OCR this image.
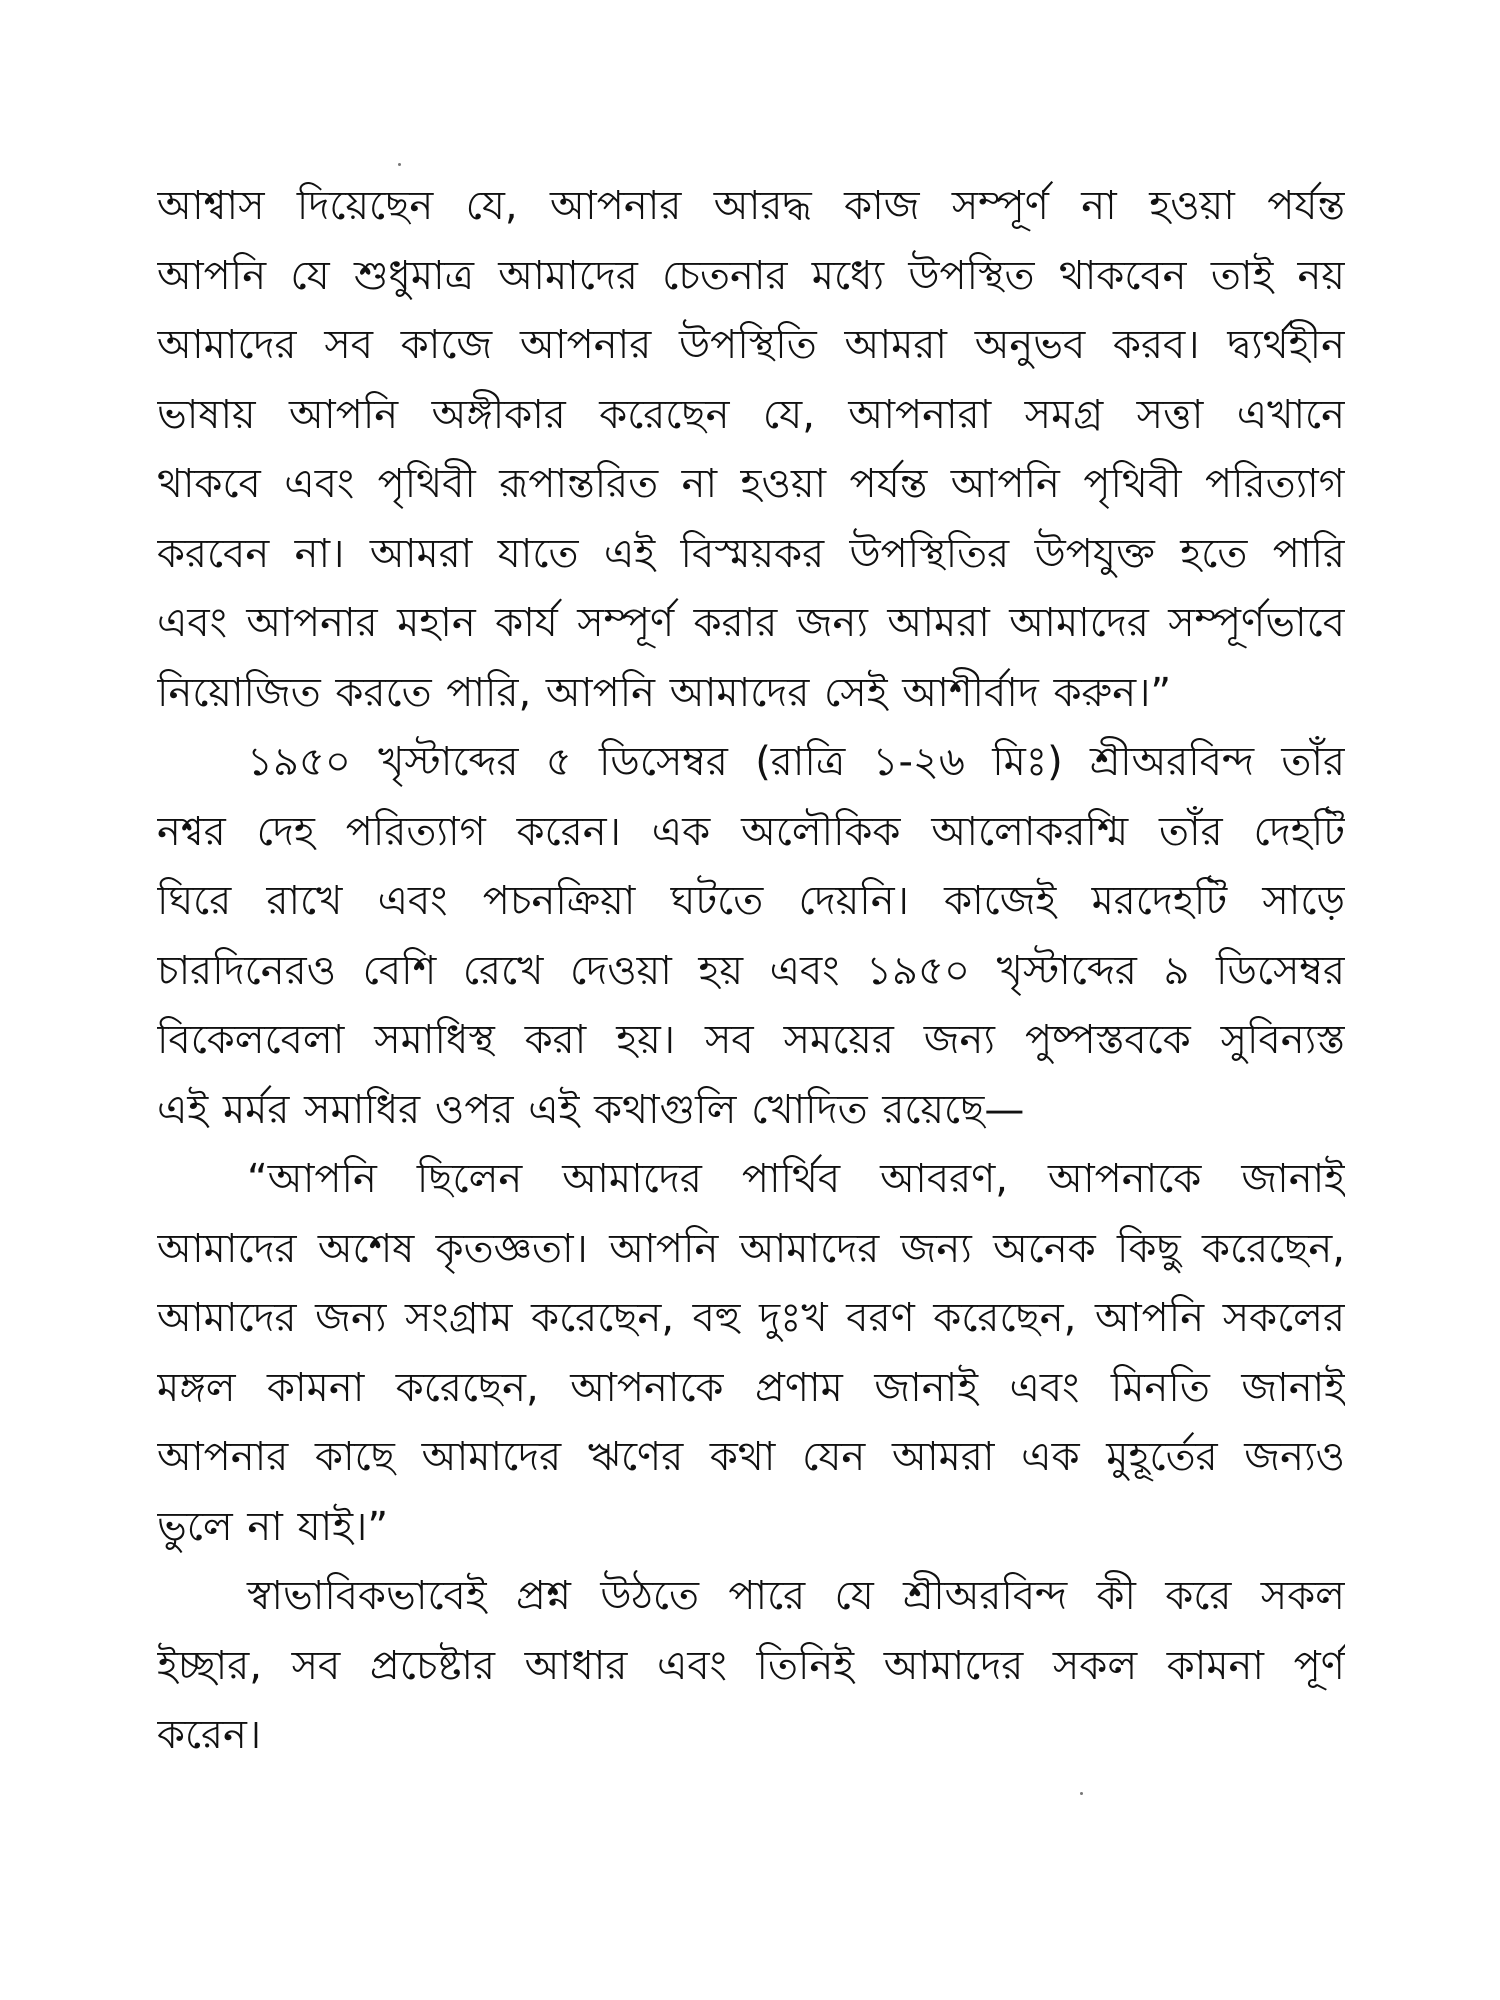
আশ্বাস দিয়েছেন যে, আপনার আরদ্ধ কাজ সম্পূর্ণ না হওয়া পর্যন্ত
আপনি যে শুধুমাত্র আমাদের চেতনার মধ্যে উপস্থিত থাকবেন তাই নয়
আমাদের সব কাজে আপনার উপস্থিতি আমরা অনুভব করব। দ্ব্যর্থহীন
ভাষায় আপনি অঙ্গীকার করেছেন যে, আপনারা সমগ্র সত্তা এখানে
থাকবে এবং পৃথিবী রূপান্তরিত না হওয়া পর্যন্ত আপনি পৃথিবী পরিত্যাগ
করবেন না। আমরা যাতে এই বিস্ময়কর উপস্থিতির উপযুক্ত হতে পারি
এবং আপনার মহান কার্য সম্পূর্ণ করার জন্য আমরা আমাদের সম্পূর্ণভাবে
নিয়োজিত করতে পারি, আপনি আমাদের সেই আশীর্বাদ করুন।”
১৯৫০ খৃস্টাব্দের ৫ ডিসেম্বর (রাত্রি ১-২৬ মিঃ) শ্রীঅরবিন্দ তাঁর
নশ্বর দেহ পরিত্যাগ করেন। এক অলৌকিক আলোকরশ্মি তাঁর দেহটি
ঘিরে রাখে এবং পচনক্রিয়া ঘটতে দেয়নি। কাজেই মরদেহটি সাড়ে
চারদিনেরও বেশি রেখে দেওয়া হয় এবং ১৯৫০ খৃস্টাব্দের ৯ ডিসেম্বর
বিকেলবেলা সমাধিস্থ করা হয়। সব সময়ের জন্য পুষ্পস্তবকে সুবিন্যস্ত
এই মর্মর সমাধির ওপর এই কথাগুলি খোদিত রয়েছে—
“আপনি ছিলেন আমাদের পার্থিব আবরণ, আপনাকে জানাই
আমাদের অশেষ কৃতজ্ঞতা। আপনি আমাদের জন্য অনেক কিছু করেছেন,
আমাদের জন্য সংগ্রাম করেছেন, বহু দুঃখ বরণ করেছেন, আপনি সকলের
মঙ্গল কামনা করেছেন, আপনাকে প্রণাম জানাই এবং মিনতি জানাই
আপনার কাছে আমাদের ঋণের কথা যেন আমরা এক মুহূর্তের জন্যও
ভুলে না যাই।”
স্বাভাবিকভাবেই প্রশ্ন উঠতে পারে যে শ্রীঅরবিন্দ কী করে সকল
ইচ্ছার, সব প্রচেষ্টার আধার এবং তিনিই আমাদের সকল কামনা পূর্ণ
করেন।
